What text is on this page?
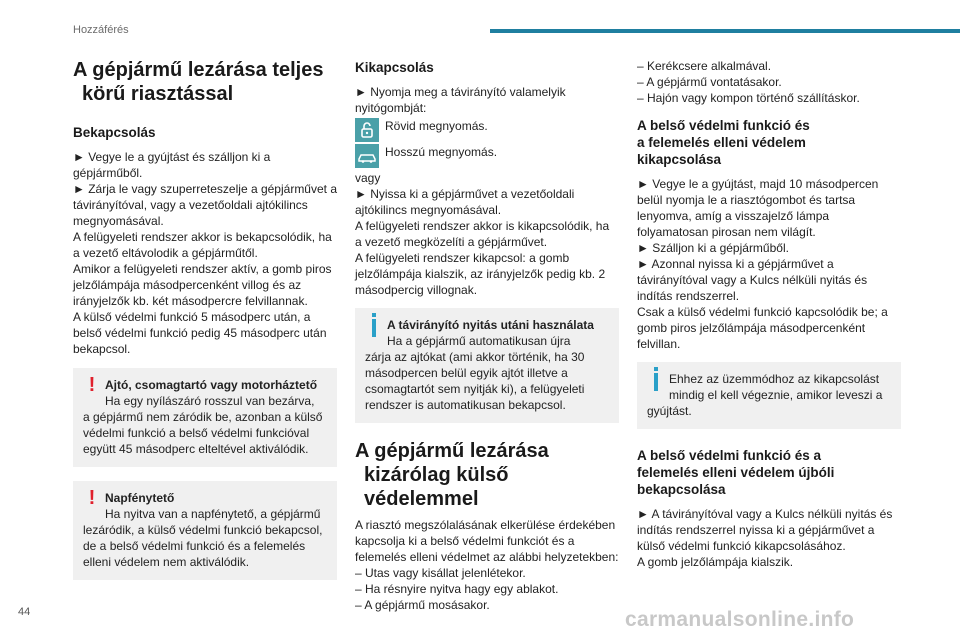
Hozzáférés
A gépjármű lezárása teljes
körű riasztással
Bekapcsolás

► Vegye le a gyújtást és szálljon ki a gépjárműből.

► Zárja le vagy szuperreteszelje a gépjárművet a távirányítóval, vagy a vezetőoldali ajtókilincs megnyomásával.

A felügyeleti rendszer akkor is bekapcsolódik, ha a vezető eltávolodik a gépjárműtől.

Amikor a felügyeleti rendszer aktív, a gomb piros jelzőlámpája másodpercenként villog és az irányjelzők kb. két másodpercre felvillannak.

A külső védelmi funkció 5 másodperc után, a belső védelmi funkció pedig 45 másodperc után bekapcsol.

! Ajtó, csomagtartó vagy motorháztető
Ha egy nyílászáró rosszul van bezárva,
a gépjármű nem záródik be, azonban a külső védelmi funkció a belső védelmi funkcióval együtt 45 másodperc elteltével aktiválódik.
! Napfénytető
Ha nyitva van a napfénytető, a gépjármű
lezáródik, a külső védelmi funkció bekapcsol, de a belső védelmi funkció és a felemelés elleni védelem nem aktiválódik.
Kikapcsolás

► Nyomja meg a távirányító valamelyik nyitógombját:

Rövid megnyomás.
Hosszú megnyomás.

vagy

► Nyissa ki a gépjárművet a vezetőoldali ajtókilincs megnyomásával.

A felügyeleti rendszer akkor is kikapcsolódik, ha a vezető megközelíti a gépjárművet.

A felügyeleti rendszer kikapcsol: a gomb jelzőlámpája kialszik, az irányjelzők pedig kb. 2 másodpercig villognak.

A távirányító nyitás utáni használata
Ha a gépjármű automatikusan újra
zárja az ajtókat (ami akkor történik, ha 30 másodpercen belül egyik ajtót illetve a csomagtartót sem nyitják ki), a felügyeleti rendszer is automatikusan bekapcsol.
A gépjármű lezárása
kizárólag külső védelemmel

A riasztó megszólalásának elkerülése érdekében kapcsolja ki a belső védelmi funkciót és a felemelés elleni védelmet az alábbi helyzetekben:

– Utas vagy kisállat jelenlétekor.

– Ha résnyire nyitva hagy egy ablakot.

– A gépjármű mosásakor.

– Kerékcsere alkalmával.

– A gépjármű vontatásakor.

– Hajón vagy kompon történő szállításkor.

A belső védelmi funkció és
a felemelés elleni védelem
kikapcsolása

► Vegye le a gyújtást, majd 10 másodpercen belül nyomja le a riasztógombot és tartsa lenyomva, amíg a visszajelző lámpa folyamatosan pirosan nem világít.

► Szálljon ki a gépjárműből.

► Azonnal nyissa ki a gépjárművet a távirányítóval vagy a Kulcs nélküli nyitás és indítás rendszerrel.

Csak a külső védelmi funkció kapcsolódik be; a gomb piros jelzőlámpája másodpercenként felvillan.

Ehhez az üzemmódhoz az kikapcsolást
mindig el kell végeznie, amikor leveszi a
gyújtást.
A belső védelmi funkció és a
felemelés elleni védelem újbóli
bekapcsolása

► A távirányítóval vagy a Kulcs nélküli nyitás és indítás rendszerrel nyissa ki a gépjárművet a külső védelmi funkció kikapcsolásához.

A gomb jelzőlámpája kialszik.

44	carmanualsonline.info
